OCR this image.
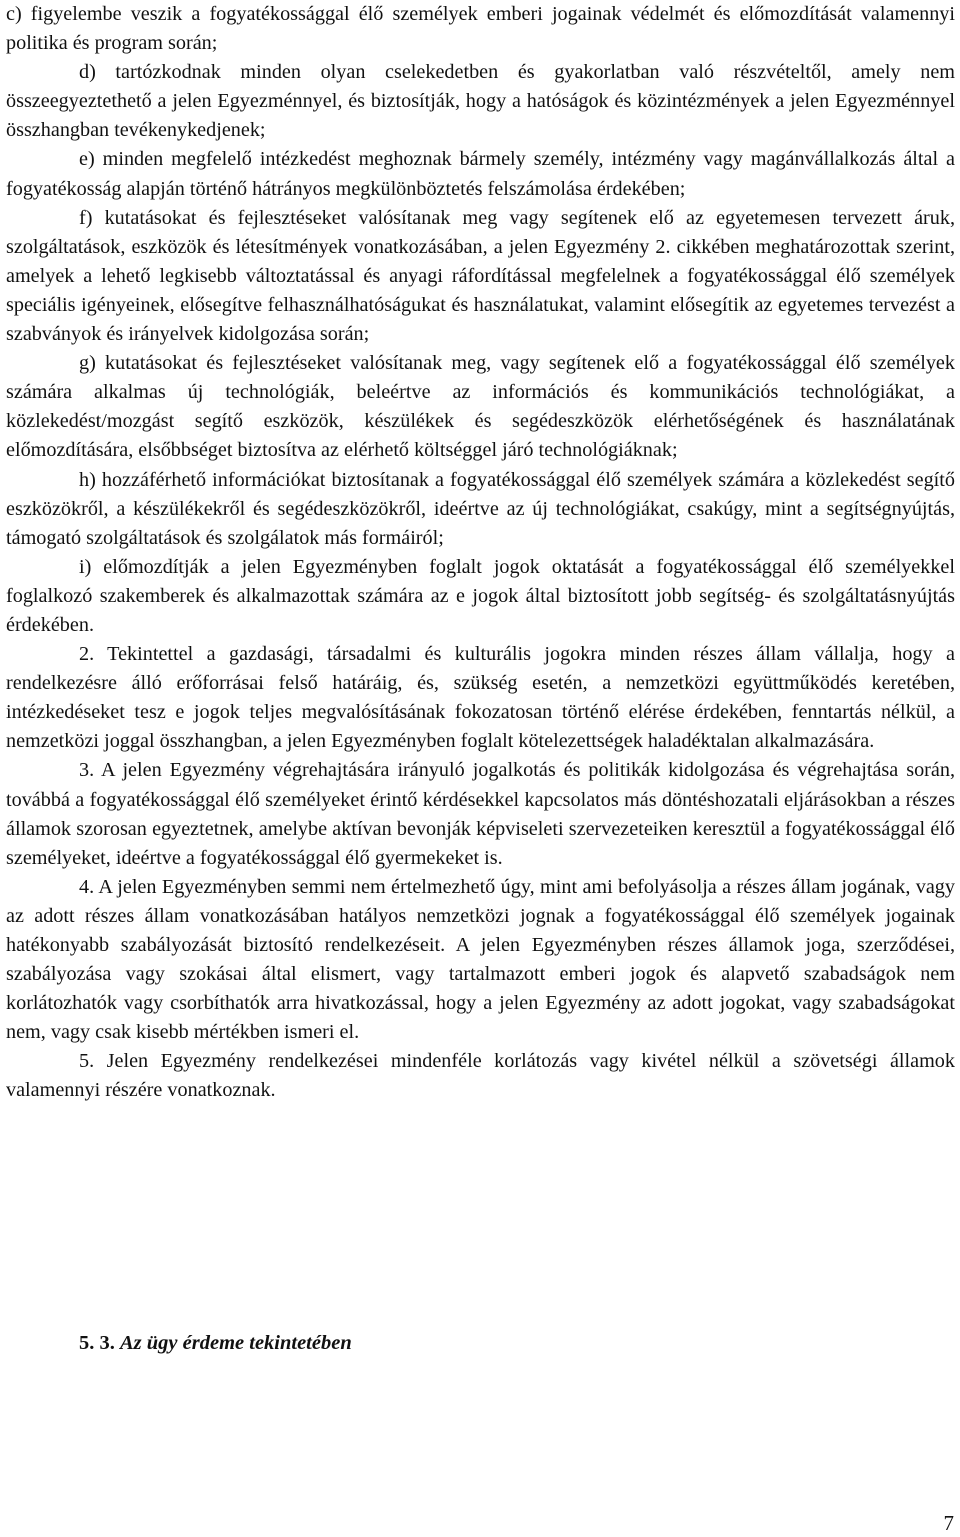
c) figyelembe veszik a fogyatékossággal élő személyek emberi jogainak védelmét és előmozdítását valamennyi politika és program során;

d) tartózkodnak minden olyan cselekedetben és gyakorlatban való részvételtől, amely nem összeegyeztethető a jelen Egyezménnyel, és biztosítják, hogy a hatóságok és közintézmények a jelen Egyezménnyel összhangban tevékenykedjenek;

e) minden megfelelő intézkedést meghoznak bármely személy, intézmény vagy magánvállalkozás által a fogyatékosság alapján történő hátrányos megkülönböztetés felszámolása érdekében;

f) kutatásokat és fejlesztéseket valósítanak meg vagy segítenek elő az egyetemesen tervezett áruk, szolgáltatások, eszközök és létesítmények vonatkozásában, a jelen Egyezmény 2. cikkében meghatározottak szerint, amelyek a lehető legkisebb változtatással és anyagi ráfordítással megfelelnek a fogyatékossággal élő személyek speciális igényeinek, elősegítve felhasználhatóságukat és használatukat, valamint elősegítik az egyetemes tervezést a szabványok és irányelvek kidolgozása során;

g) kutatásokat és fejlesztéseket valósítanak meg, vagy segítenek elő a fogyatékossággal élő személyek számára alkalmas új technológiák, beleértve az információs és kommunikációs technológiákat, a közlekedést/mozgást segítő eszközök, készülékek és segédeszközök elérhetőségének és használatának előmozdítására, elsőbbséget biztosítva az elérhető költséggel járó technológiáknak;

h) hozzáférhető információkat biztosítanak a fogyatékossággal élő személyek számára a közlekedést segítő eszközökről, a készülékekről és segédeszközökről, ideértve az új technológiákat, csakúgy, mint a segítségnyújtás, támogató szolgáltatások és szolgálatok más formáiról;

i) előmozdítják a jelen Egyezményben foglalt jogok oktatását a fogyatékossággal élő személyekkel foglalkozó szakemberek és alkalmazottak számára az e jogok által biztosított jobb segítség- és szolgáltatásnyújtás érdekében.

2. Tekintettel a gazdasági, társadalmi és kulturális jogokra minden részes állam vállalja, hogy a rendelkezésre álló erőforrásai felső határáig, és, szükség esetén, a nemzetközi együttműködés keretében, intézkedéseket tesz e jogok teljes megvalósításának fokozatosan történő elérése érdekében, fenntartás nélkül, a nemzetközi joggal összhangban, a jelen Egyezményben foglalt kötelezettségek haladéktalan alkalmazására.

3. A jelen Egyezmény végrehajtására irányuló jogalkotás és politikák kidolgozása és végrehajtása során, továbbá a fogyatékossággal élő személyeket érintő kérdésekkel kapcsolatos más döntéshozatali eljárásokban a részes államok szorosan egyeztetnek, amelybe aktívan bevonják képviseleti szervezeteiken keresztül a fogyatékossággal élő személyeket, ideértve a fogyatékossággal élő gyermekeket is.

4. A jelen Egyezményben semmi nem értelmezhető úgy, mint ami befolyásolja a részes állam jogának, vagy az adott részes állam vonatkozásában hatályos nemzetközi jognak a fogyatékossággal élő személyek jogainak hatékonyabb szabályozását biztosító rendelkezéseit. A jelen Egyezményben részes államok joga, szerződései, szabályozása vagy szokásai által elismert, vagy tartalmazott emberi jogok és alapvető szabadságok nem korlátozhatók vagy csorbíthatók arra hivatkozással, hogy a jelen Egyezmény az adott jogokat, vagy szabadságokat nem, vagy csak kisebb mértékben ismeri el.

5. Jelen Egyezmény rendelkezései mindenféle korlátozás vagy kivétel nélkül a szövetségi államok valamennyi részére vonatkoznak.

5. 3. Az ügy érdeme tekintetében

7
